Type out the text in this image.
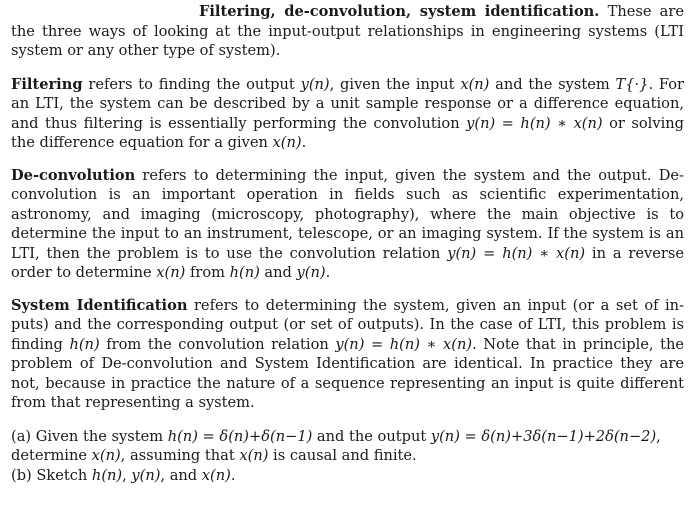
Filtering, de-convolution, system identification. These are the three ways of looking at the input-output relationships in engineering systems (LTI system or any other type of system).

Filtering refers to finding the output y(n), given the input x(n) and the system T{·}. For an LTI, the system can be described by a unit sample response or a difference equation, and thus filtering is essentially performing the convolution y(n) = h(n) ∗ x(n) or solving the difference equation for a given x(n).

De-convolution refers to determining the input, given the system and the output. De-convolution is an important operation in fields such as scientific experimentation, astronomy, and imaging (microscopy, photography), where the main objective is to determine the input to an instrument, telescope, or an imaging system. If the system is an LTI, then the problem is to use the convolution relation y(n) = h(n) ∗ x(n) in a reverse order to determine x(n) from h(n) and y(n).

System Identification refers to determining the system, given an input (or a set of in-puts) and the corresponding output (or set of outputs). In the case of LTI, this problem is finding h(n) from the convolution relation y(n) = h(n) ∗ x(n). Note that in principle, the problem of De-convolution and System Identification are identical. In practice they are not, because in practice the nature of a sequence representing an input is quite different from that representing a system.

(a) Given the system h(n) = δ(n)+δ(n−1) and the output y(n) = δ(n)+3δ(n−1)+2δ(n−2), determine x(n), assuming that x(n) is causal and finite.
(b) Sketch h(n), y(n), and x(n).
